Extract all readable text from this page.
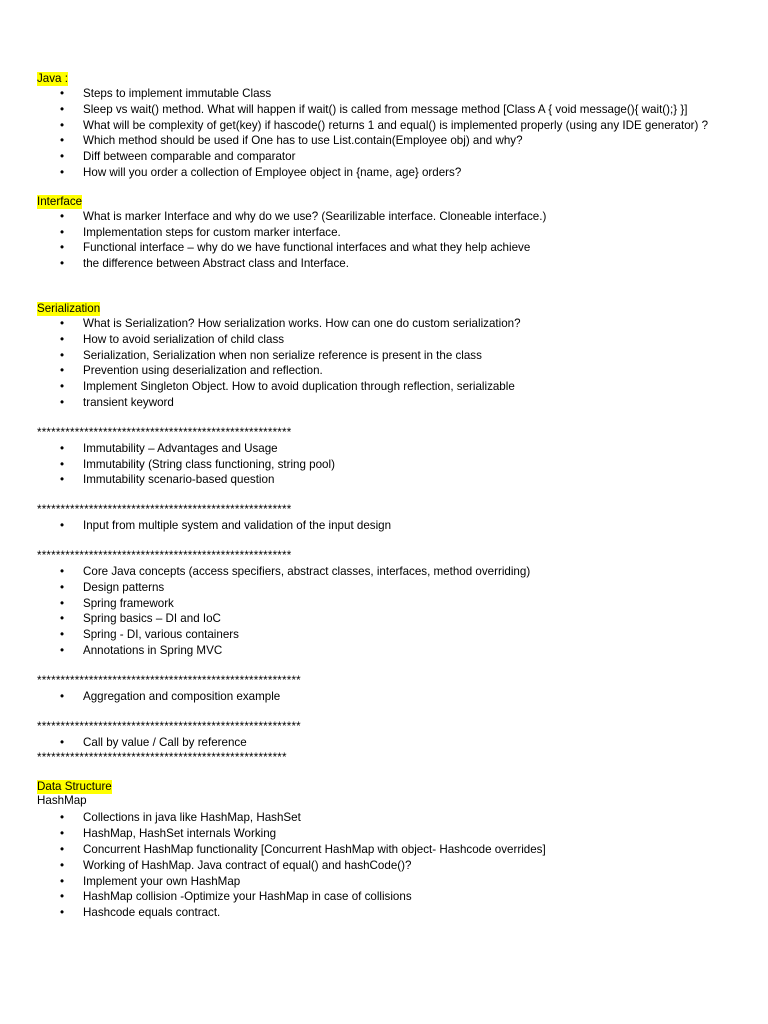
Java :
• Steps to implement immutable Class
• Sleep vs wait() method. What will happen if wait() is called from message method [Class A { void message(){ wait();} }]
• What will be complexity of get(key) if hascode() returns 1 and equal() is implemented properly (using any IDE generator) ?
• Which method should be used if One has to use List.contain(Employee obj) and why?
• Diff between comparable and comparator
• How will you order a collection of Employee object in {name, age} orders?
Interface
• What is marker Interface and why do we use? (Searilizable interface. Cloneable interface.)
• Implementation steps for custom marker interface.
• Functional interface – why do we have functional interfaces and what they help achieve
• the difference between Abstract class and Interface.
Serialization
• What is Serialization? How serialization works. How can one do custom serialization?
• How to avoid serialization of child class
• Serialization, Serialization when non serialize reference is present in the class
• Prevention using deserialization and reflection.
• Implement Singleton Object. How to avoid duplication through reflection, serializable
• transient keyword
******************************************************
• Immutability – Advantages and Usage
• Immutability (String class functioning, string pool)
• Immutability scenario-based question
******************************************************
• Input from multiple system and validation of the input design
******************************************************
• Core Java concepts (access specifiers, abstract classes, interfaces, method overriding)
• Design patterns
• Spring framework
• Spring basics – DI and IoC
• Spring - DI, various containers
• Annotations in Spring MVC
********************************************************
• Aggregation and composition example
********************************************************
• Call by value / Call by reference
*****************************************************
Data Structure
HashMap
• Collections in java like HashMap, HashSet
• HashMap, HashSet internals Working
• Concurrent HashMap functionality [Concurrent HashMap with object- Hashcode overrides]
• Working of HashMap. Java contract of equal() and hashCode()?
• Implement your own HashMap
• HashMap collision -Optimize your HashMap in case of collisions
• Hashcode equals contract.
